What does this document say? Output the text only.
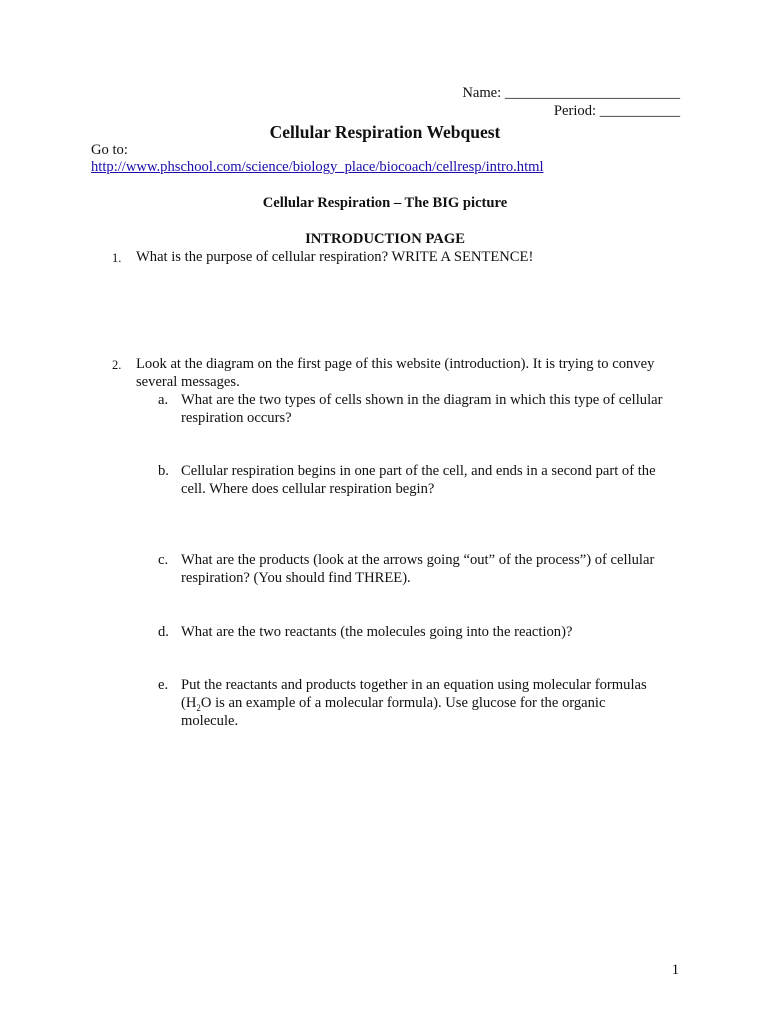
Name: ________________________
Period: ___________
Cellular Respiration Webquest
Go to:
http://www.phschool.com/science/biology_place/biocoach/cellresp/intro.html
Cellular Respiration – The BIG picture
INTRODUCTION PAGE
1. What is the purpose of cellular respiration? WRITE A SENTENCE!
2. Look at the diagram on the first page of this website (introduction). It is trying to convey
several messages.
a. What are the two types of cells shown in the diagram in which this type of cellular
respiration occurs?
b. Cellular respiration begins in one part of the cell, and ends in a second part of the
cell. Where does cellular respiration begin?
c. What are the products (look at the arrows going “out” of the process”) of cellular
respiration? (You should find THREE).
d. What are the two reactants (the molecules going into the reaction)?
e. Put the reactants and products together in an equation using molecular formulas
($H_2O$ is an example of a molecular formula). Use glucose for the organic
molecule.
1
